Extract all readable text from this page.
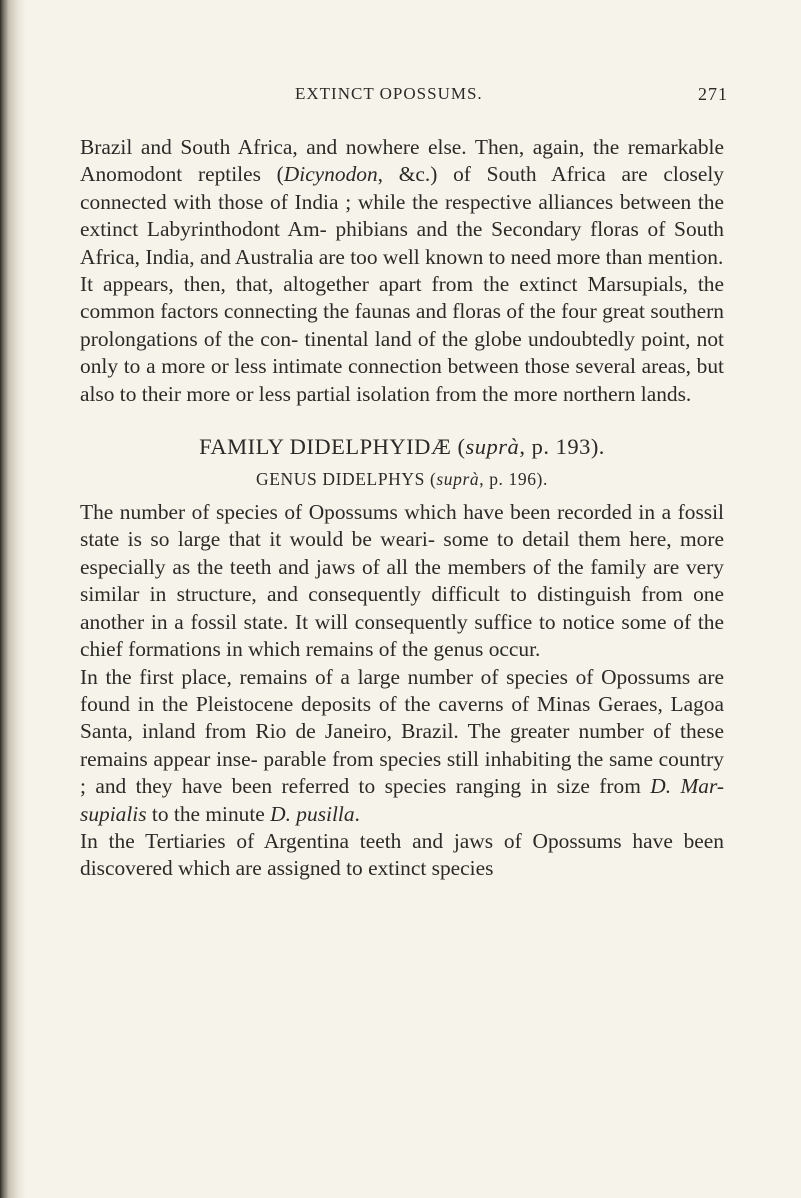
EXTINCT OPOSSUMS.	271

Brazil and South Africa, and nowhere else. Then, again, the remarkable Anomodont reptiles (Dicynodon, &c.) of South Africa are closely connected with those of India ; while the respective alliances between the extinct Labyrinthodont Am- phibians and the Secondary floras of South Africa, India, and Australia are too well known to need more than mention.

It appears, then, that, altogether apart from the extinct Marsupials, the common factors connecting the faunas and floras of the four great southern prolongations of the con- tinental land of the globe undoubtedly point, not only to a more or less intimate connection between those several areas, but also to their more or less partial isolation from the more northern lands.

FAMILY DIDELPHYIDÆ (suprà, p. 193).

GENUS DIDELPHYS (suprà, p. 196).

The number of species of Opossums which have been recorded in a fossil state is so large that it would be weari- some to detail them here, more especially as the teeth and jaws of all the members of the family are very similar in structure, and consequently difficult to distinguish from one another in a fossil state. It will consequently suffice to notice some of the chief formations in which remains of the genus occur.

In the first place, remains of a large number of species of Opossums are found in the Pleistocene deposits of the caverns of Minas Geraes, Lagoa Santa, inland from Rio de Janeiro, Brazil. The greater number of these remains appear inse- parable from species still inhabiting the same country ; and they have been referred to species ranging in size from D. Mar- supialis to the minute D. pusilla.

In the Tertiaries of Argentina teeth and jaws of Opossums have been discovered which are assigned to extinct species
